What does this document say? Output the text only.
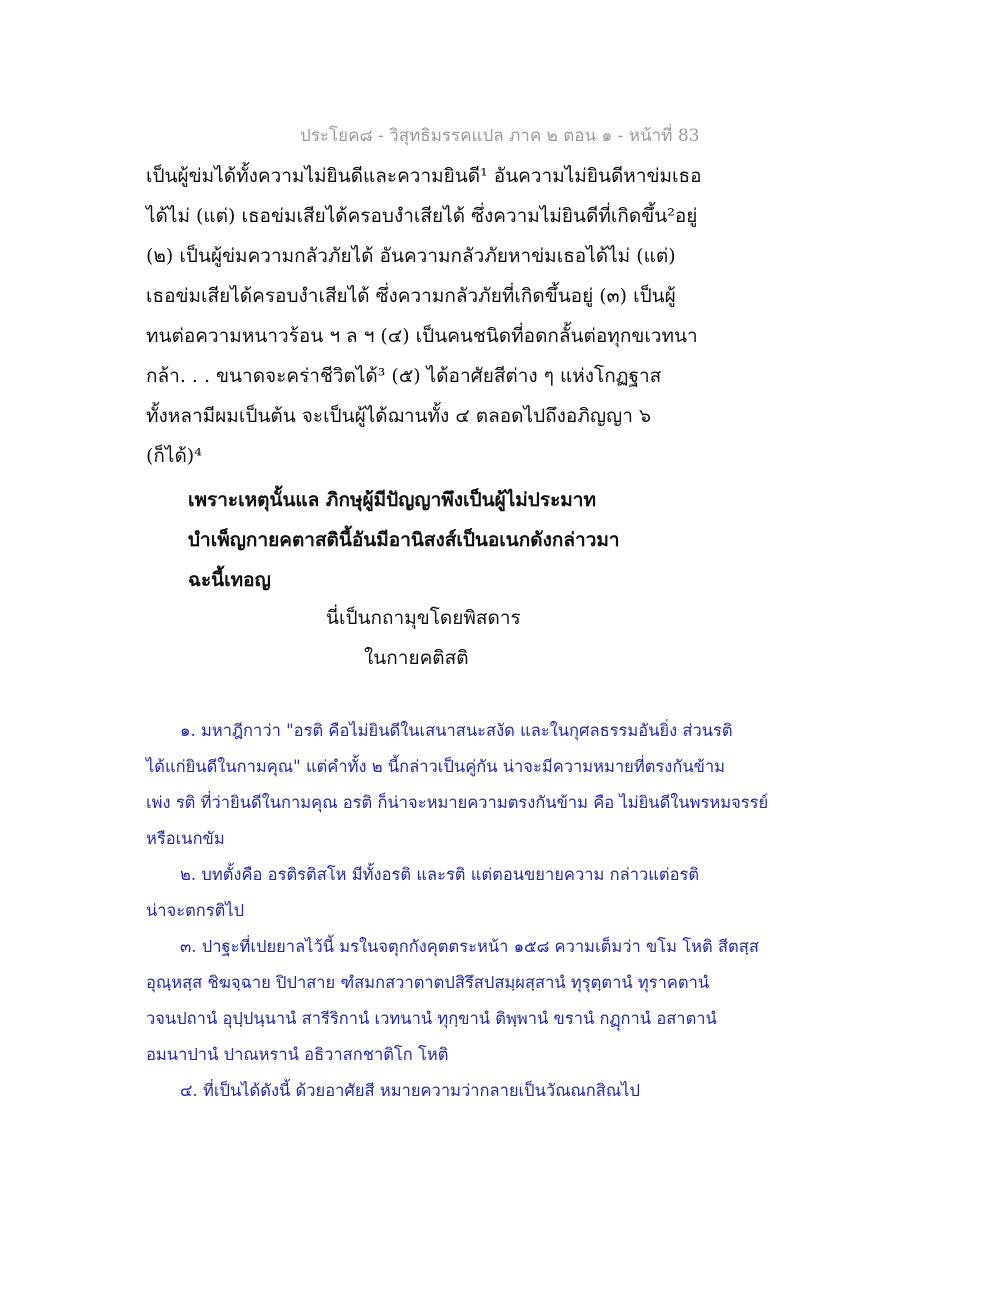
ประโยค๘ - วิสุทธิมรรคแปล ภาค ๒ ตอน ๑ - หน้าที่ 83
เป็นผู้ข่มได้ทั้งความไม่ยินดีและความยินดี¹ อันความไม่ยินดีหาข่มเธอ
ได้ไม่ (แต่) เธอข่มเสียได้ครอบงำเสียได้ ซึ่งความไม่ยินดีที่เกิดขึ้น²อยู่
(๒) เป็นผู้ข่มความกลัวภัยได้ อันความกลัวภัยหาข่มเธอได้ไม่ (แต่)
เธอข่มเสียได้ครอบงำเสียได้ ซึ่งความกลัวภัยที่เกิดขึ้นอยู่ (๓) เป็นผู้
ทนต่อความหนาวร้อน ฯ ล ฯ (๔) เป็นคนชนิดที่อดกลั้นต่อทุกขเวทนา
กล้า. . . ขนาดจะคร่าชีวิตได้³ (๕) ได้อาศัยสีต่าง ๆ แห่งโกฏฐาส
ทั้งหลามีผมเป็นต้น จะเป็นผู้ได้ฌานทั้ง ๔ ตลอดไปถึงอภิญญา ๖
(ก็ได้)⁴
เพราะเหตุนั้นแล ภิกษุผู้มีปัญญาพึงเป็นผู้ไม่ประมาท
บำเพ็ญกายคตาสตินี้อันมีอานิสงส์เป็นอเนกดังกล่าวมา
ฉะนี้เทอญ
นี่เป็นกถามุขโดยพิสดาร
ในกายคติสติ
๑. มหาฎีกาว่า "อรติ คือไม่ยินดีในเสนาสนะสงัด และในกุศลธรรมอันยิ่ง ส่วนรติ
ได้แก่ยินดีในกามคุณ" แต่คำทั้ง ๒ นี้กล่าวเป็นคู่กัน น่าจะมีความหมายที่ตรงกันข้าม
เพ่ง รติ ที่ว่ายินดีในกามคุณ อรติ ก็น่าจะหมายความตรงกันข้าม คือ ไม่ยินดีในพรหมจรรย์
หรือเนกขัม
๒. บทตั้งคือ อรติรติสโห มีทั้งอรติ และรติ แต่ตอนขยายความ กล่าวแต่อรติ
น่าจะตกรติไป
๓. ปาฐะที่เปยยาลไว้นี้ มรในจตุกกังคุตตระหน้า ๑๕๘ ความเต็มว่า ขโม โหติ สีตสฺส
อุณฺหสฺส ชิฆจฺฉาย ปิปาสาย ฑํสมกสวาตาตปสิรึสปสมฺผสฺสานํ ทุรุตฺตานํ ทุราคตานํ
วจนปถานํ อุปฺปนฺนานํ สารีริกานํ เวทนานํ ทุกฺขานํ ติพฺพานํ ขรานํ กฏุกานํ อสาตานํ
อมนาปานํ ปาณหรานํ อธิวาสกชาติโก โหติ
๔. ที่เป็นได้ดังนี้ ด้วยอาศัยสี หมายความว่ากลายเป็นวัณณกสิณไป
